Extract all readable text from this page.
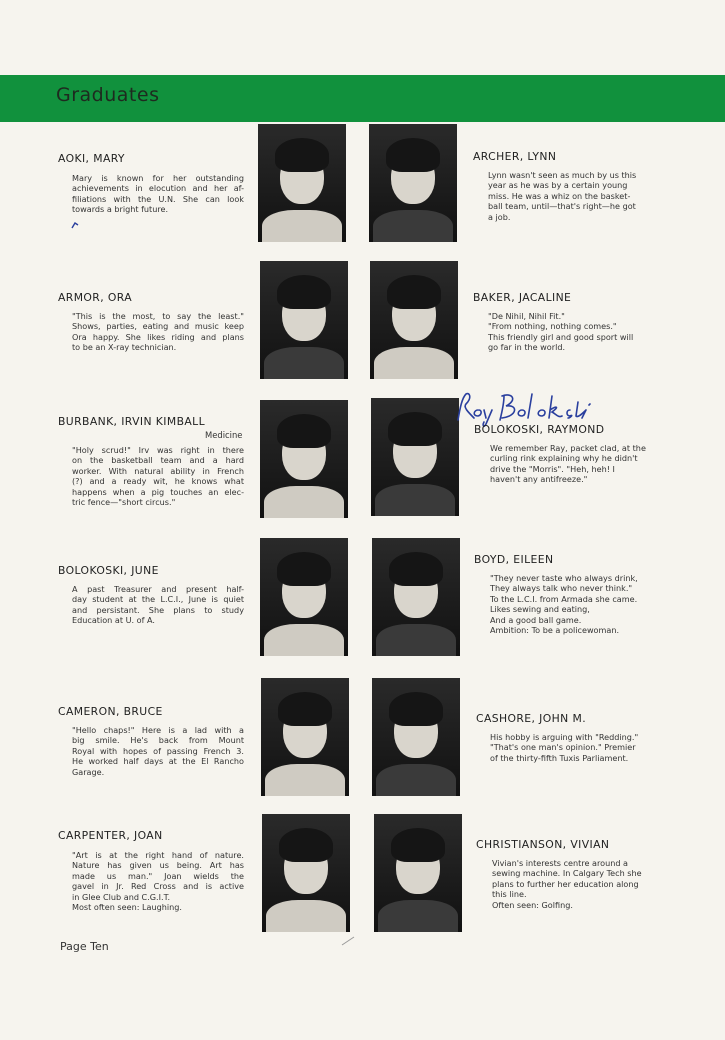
Graduates
AOKI, MARY
Mary is known for her outstanding
achievements in elocution and her af-
filiations with the U.N. She can look
towards a bright future.
ARCHER, LYNN
Lynn wasn't seen as much by us this
year as he was by a certain young
miss. He was a whiz on the basket-
ball team, until—that's right—he got
a job.
ARMOR, ORA
"This is the most, to say the least."
Shows, parties, eating and music keep
Ora happy. She likes riding and plans
to be an X-ray technician.
BAKER, JACALINE
"De Nihil, Nihil Fit."
"From nothing, nothing comes."
This friendly girl and good sport will
go far in the world.
BURBANK, IRVIN KIMBALL
Medicine
"Holy scrud!" Irv was right in there
on the basketball team and a hard
worker. With natural ability in French
(?) and a ready wit, he knows what
happens when a pig touches an elec-
tric fence—"short circus."
BOLOKOSKI, RAYMOND
We remember Ray, packet clad, at the
curling rink explaining why he didn't
drive the "Morris". "Heh, heh! I
haven't any antifreeze."
BOLOKOSKI, JUNE
A past Treasurer and present half-
day student at the L.C.I., June is quiet
and persistant. She plans to study
Education at U. of A.
BOYD, EILEEN
"They never taste who always drink,
They always talk who never think."
To the L.C.I. from Armada she came.
Likes sewing and eating,
And a good ball game.
Ambition: To be a policewoman.
CAMERON, BRUCE
"Hello chaps!" Here is a lad with a
big smile. He's back from Mount
Royal with hopes of passing French 3.
He worked half days at the El Rancho
Garage.
CASHORE, JOHN M.
His hobby is arguing with "Redding."
"That's one man's opinion." Premier
of the thirty-fifth Tuxis Parliament.
CARPENTER, JOAN
"Art is at the right hand of nature.
Nature has given us being. Art has
made us man." Joan wields the
gavel in Jr. Red Cross and is active
in Glee Club and C.G.I.T.
Most often seen: Laughing.
CHRISTIANSON, VIVIAN
Vivian's interests centre around a
sewing machine. In Calgary Tech she
plans to further her education along
this line.
Often seen: Golfing.
Page Ten
